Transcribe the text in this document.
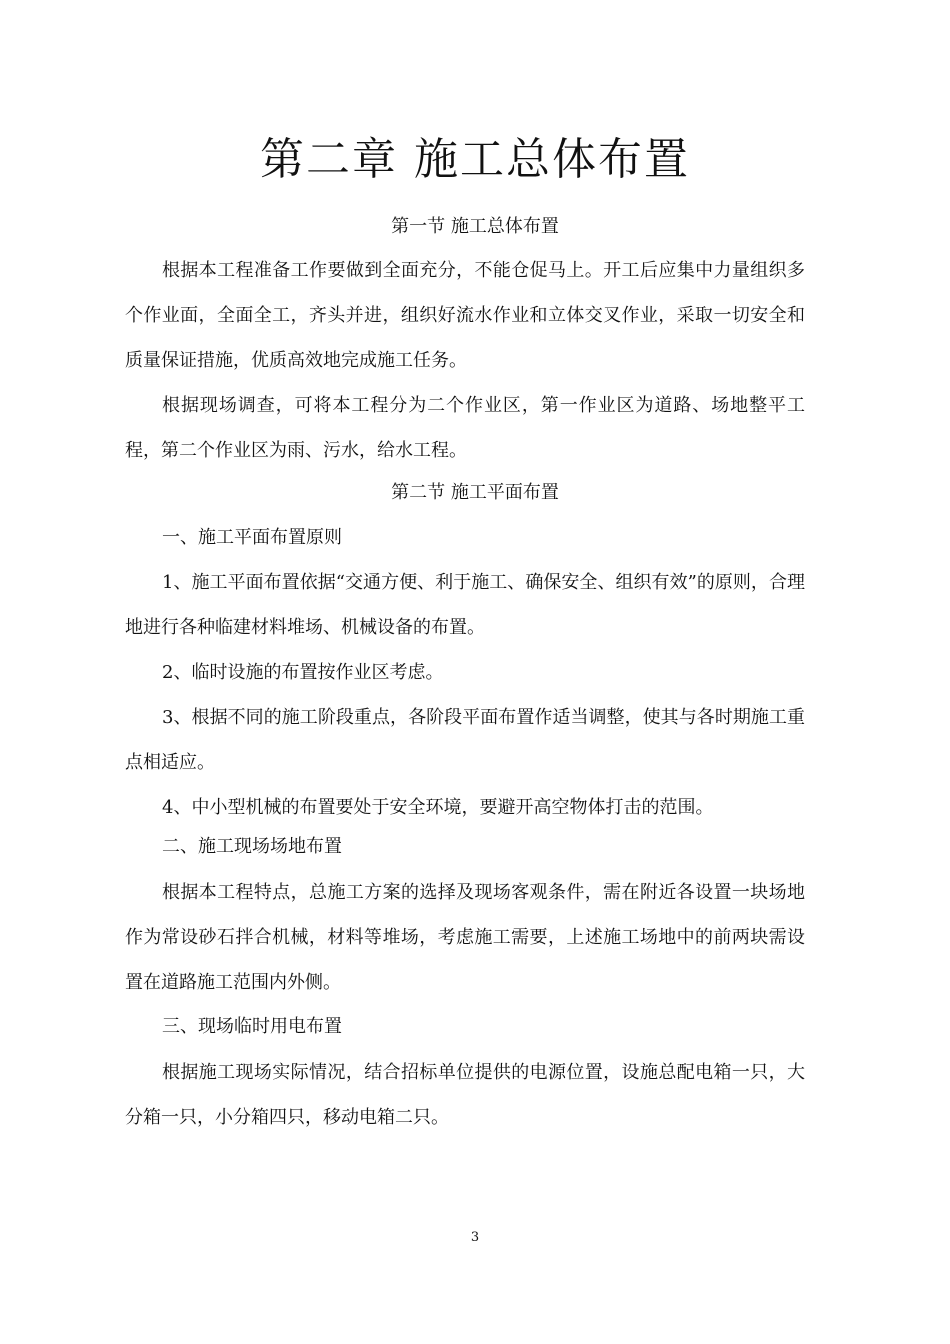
第二章 施工总体布置
第一节 施工总体布置

根据本工程准备工作要做到全面充分，不能仓促马上。开工后应集中力量组织多个作业面，全面全工，齐头并进，组织好流水作业和立体交叉作业，采取一切安全和质量保证措施，优质高效地完成施工任务。

根据现场调查，可将本工程分为二个作业区，第一作业区为道路、场地整平工程，第二个作业区为雨、污水，给水工程。

第二节 施工平面布置

一、施工平面布置原则

1、施工平面布置依据“交通方便、利于施工、确保安全、组织有效”的原则，合理地进行各种临建材料堆场、机械设备的布置。

2、临时设施的布置按作业区考虑。

3、根据不同的施工阶段重点，各阶段平面布置作适当调整，使其与各时期施工重点相适应。

4、中小型机械的布置要处于安全环境，要避开高空物体打击的范围。

二、施工现场场地布置

根据本工程特点，总施工方案的选择及现场客观条件，需在附近各设置一块场地作为常设砂石拌合机械，材料等堆场，考虑施工需要，上述施工场地中的前两块需设置在道路施工范围内外侧。

三、现场临时用电布置

根据施工现场实际情况，结合招标单位提供的电源位置，设施总配电箱一只，大分箱一只，小分箱四只，移动电箱二只。

3
